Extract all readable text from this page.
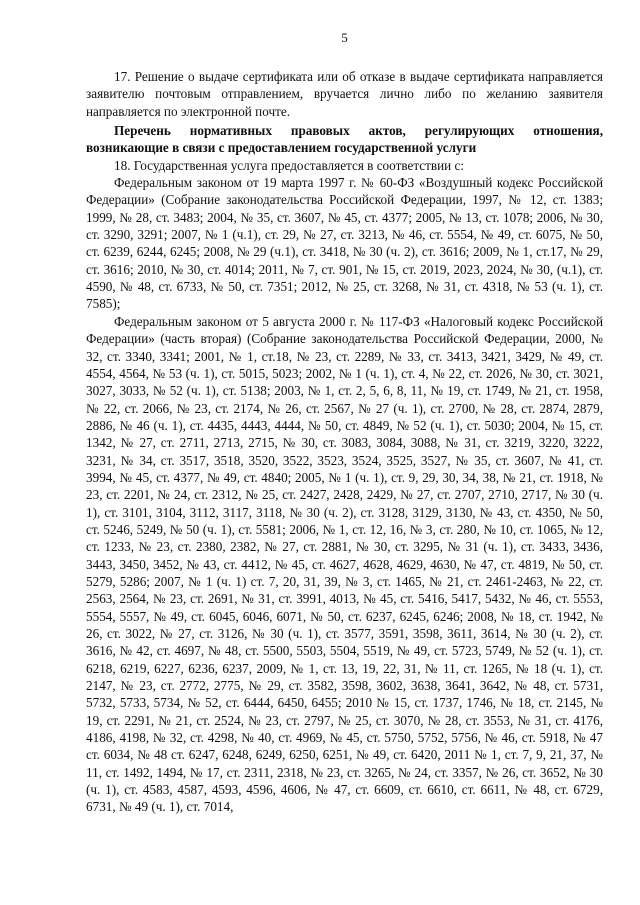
5

17. Решение о выдаче сертификата или об отказе в выдаче сертификата направляется заявителю почтовым отправлением, вручается лично либо по желанию заявителя направляется по электронной почте.

Перечень нормативных правовых актов, регулирующих отношения, возникающие в связи с предоставлением государственной услуги

18. Государственная услуга предоставляется в соответствии с:

Федеральным законом от 19 марта 1997 г. № 60-ФЗ «Воздушный кодекс Российской Федерации» (Собрание законодательства Российской Федерации, 1997, № 12, ст. 1383; 1999, № 28, ст. 3483; 2004, № 35, ст. 3607, № 45, ст. 4377; 2005, № 13, ст. 1078; 2006, № 30, ст. 3290, 3291; 2007, № 1 (ч.1), ст. 29, № 27, ст. 3213, № 46, ст. 5554, № 49, ст. 6075, № 50, ст. 6239, 6244, 6245; 2008, № 29 (ч.1), ст. 3418, № 30 (ч. 2), ст. 3616; 2009, № 1, ст.17, № 29, ст. 3616; 2010, № 30, ст. 4014; 2011, № 7, ст. 901, № 15, ст. 2019, 2023, 2024, № 30, (ч.1), ст. 4590, № 48, ст. 6733, № 50, ст. 7351; 2012, № 25, ст. 3268, № 31, ст. 4318, № 53 (ч. 1), ст. 7585);

Федеральным законом от 5 августа 2000 г. № 117-ФЗ «Налоговый кодекс Российской Федерации» (часть вторая) (Собрание законодательства Российской Федерации, 2000, № 32, ст. 3340, 3341; 2001, № 1, ст.18, № 23, ст. 2289, № 33, ст. 3413, 3421, 3429, № 49, ст. 4554, 4564, № 53 (ч. 1), ст. 5015, 5023; 2002, № 1 (ч. 1), ст. 4, № 22, ст. 2026, № 30, ст. 3021, 3027, 3033, № 52 (ч. 1), ст. 5138; 2003, № 1, ст. 2, 5, 6, 8, 11, № 19, ст. 1749, № 21, ст. 1958, № 22, ст. 2066, № 23, ст. 2174, № 26, ст. 2567, № 27 (ч. 1), ст. 2700, № 28, ст. 2874, 2879, 2886, № 46 (ч. 1), ст. 4435, 4443, 4444, № 50, ст. 4849, № 52 (ч. 1), ст. 5030; 2004, № 15, ст. 1342, № 27, ст. 2711, 2713, 2715, № 30, ст. 3083, 3084, 3088, № 31, ст. 3219, 3220, 3222, 3231, № 34, ст. 3517, 3518, 3520, 3522, 3523, 3524, 3525, 3527, № 35, ст. 3607, № 41, ст. 3994, № 45, ст. 4377, № 49, ст. 4840; 2005, № 1 (ч. 1), ст. 9, 29, 30, 34, 38, № 21, ст. 1918, № 23, ст. 2201, № 24, ст. 2312, № 25, ст. 2427, 2428, 2429, № 27, ст. 2707, 2710, 2717, № 30 (ч. 1), ст. 3101, 3104, 3112, 3117, 3118, № 30 (ч. 2), ст. 3128, 3129, 3130, № 43, ст. 4350, № 50, ст. 5246, 5249, № 50 (ч. 1), ст. 5581; 2006, № 1, ст. 12, 16, № 3, ст. 280, № 10, ст. 1065, № 12, ст. 1233, № 23, ст. 2380, 2382, № 27, ст. 2881, № 30, ст. 3295, № 31 (ч. 1), ст. 3433, 3436, 3443, 3450, 3452, № 43, ст. 4412, № 45, ст. 4627, 4628, 4629, 4630, № 47, ст. 4819, № 50, ст. 5279, 5286; 2007, № 1 (ч. 1) ст. 7, 20, 31, 39, № 3, ст. 1465, № 21, ст. 2461-2463, № 22, ст. 2563, 2564, № 23, ст. 2691, № 31, ст. 3991, 4013, № 45, ст. 5416, 5417, 5432, № 46, ст. 5553, 5554, 5557, № 49, ст. 6045, 6046, 6071, № 50, ст. 6237, 6245, 6246; 2008, № 18, ст. 1942, № 26, ст. 3022, № 27, ст. 3126, № 30 (ч. 1), ст. 3577, 3591, 3598, 3611, 3614, № 30 (ч. 2), ст. 3616, № 42, ст. 4697, № 48, ст. 5500, 5503, 5504, 5519, № 49, ст. 5723, 5749, № 52 (ч. 1), ст. 6218, 6219, 6227, 6236, 6237, 2009, № 1, ст. 13, 19, 22, 31, № 11, ст. 1265, № 18 (ч. 1), ст. 2147, № 23, ст. 2772, 2775, № 29, ст. 3582, 3598, 3602, 3638, 3641, 3642, № 48, ст. 5731, 5732, 5733, 5734, № 52, ст. 6444, 6450, 6455; 2010 № 15, ст. 1737, 1746, № 18, ст. 2145, № 19, ст. 2291, № 21, ст. 2524, № 23, ст. 2797, № 25, ст. 3070, № 28, ст. 3553, № 31, ст. 4176, 4186, 4198, № 32, ст. 4298, № 40, ст. 4969, № 45, ст. 5750, 5752, 5756, № 46, ст. 5918, № 47 ст. 6034, № 48 ст. 6247, 6248, 6249, 6250, 6251, № 49, ст. 6420, 2011 № 1, ст. 7, 9, 21, 37, № 11, ст. 1492, 1494, № 17, ст. 2311, 2318, № 23, ст. 3265, № 24, ст. 3357, № 26, ст. 3652, № 30 (ч. 1), ст. 4583, 4587, 4593, 4596, 4606, № 47, ст. 6609, ст. 6610, ст. 6611, № 48, ст. 6729, 6731, № 49 (ч. 1), ст. 7014,
